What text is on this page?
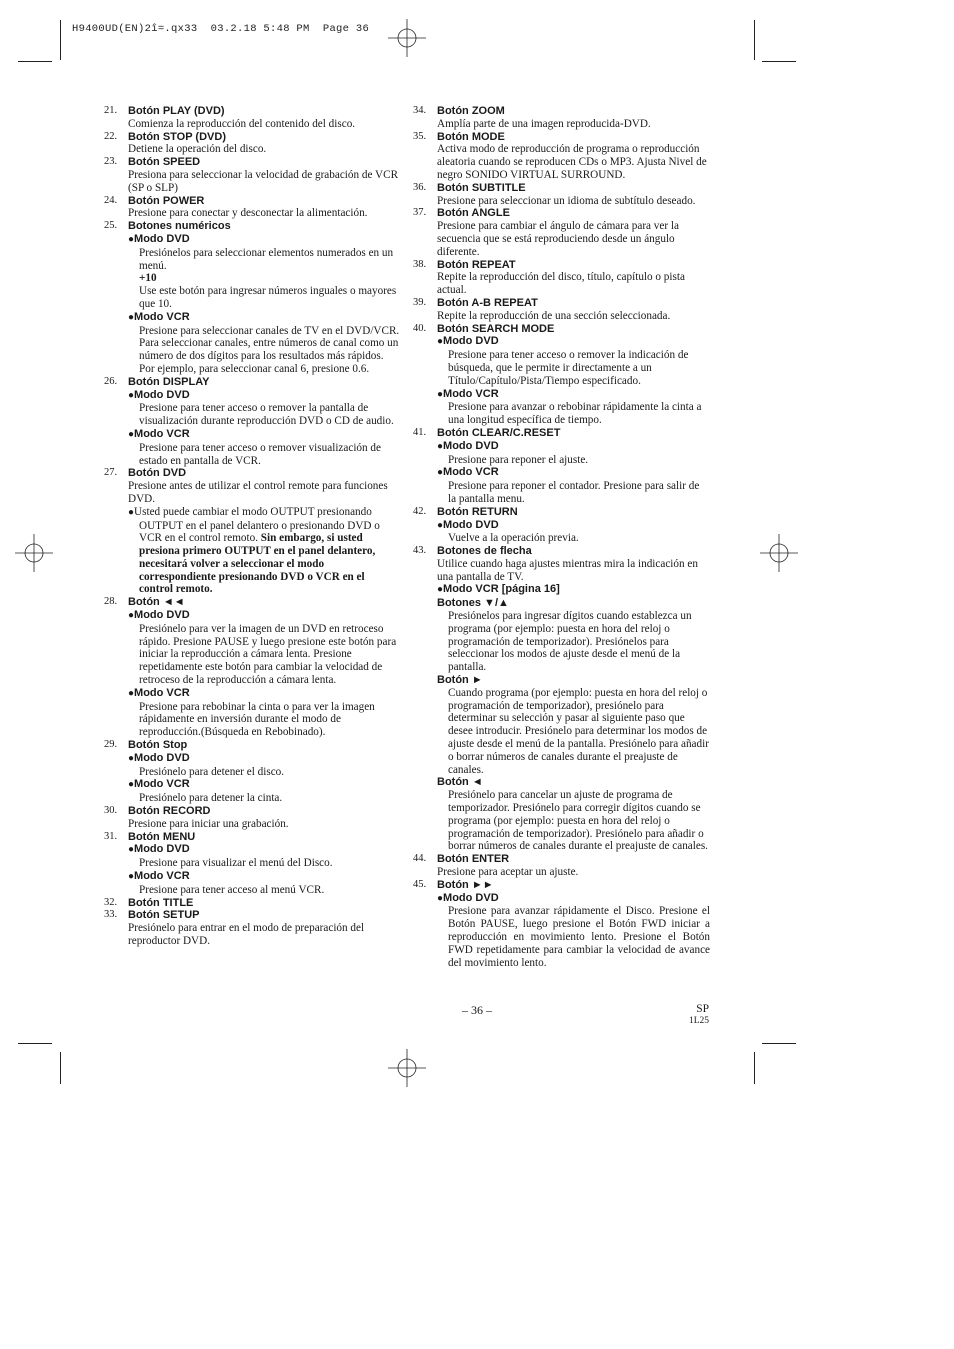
H9400UD(EN)2î=.qx33  03.2.18 5:48 PM  Page 36
21. Botón PLAY (DVD)
Comienza la reproducción del contenido del disco.
22. Botón STOP (DVD)
Detiene la operación del disco.
23. Botón SPEED
Presiona para seleccionar la velocidad de grabación de VCR (SP o SLP)
24. Botón POWER
Presione para conectar y desconectar la alimentación.
25. Botones numéricos
●Modo DVD
Presiónelos para seleccionar elementos numerados en un menú.
+10
Use este botón para ingresar números inguales o mayores que 10.
●Modo VCR
Presione para seleccionar canales de TV en el DVD/VCR. Para seleccionar canales, entre números de canal como un número de dos dígitos para los resultados más rápidos. Por ejemplo, para seleccionar canal 6, presione 0.6.
26. Botón DISPLAY
●Modo DVD
Presione para tener acceso o remover la pantalla de visualización durante reproducción DVD o CD de audio.
●Modo VCR
Presione para tener acceso o remover visualización de estado en pantalla de VCR.
27. Botón DVD
Presione antes de utilizar el control remote para funciones DVD.
●Usted puede cambiar el modo OUTPUT presionando OUTPUT en el panel delantero o presionando DVD o VCR en el control remoto. Sin embargo, si usted presiona primero OUTPUT en el panel delantero, necesitará volver a seleccionar el modo correspondiente presionando DVD o VCR en el control remoto.
28. Botón ◄◄
●Modo DVD
Presiónelo para ver la imagen de un DVD en retroceso rápido. Presione PAUSE y luego presione este botón para iniciar la reproducción a cámara lenta. Presione repetidamente este botón para cambiar la velocidad de retroceso de la reproducción a cámara lenta.
●Modo VCR
Presione para rebobinar la cinta o para ver la imagen rápidamente en inversión durante el modo de reproducción.(Búsqueda en Rebobinado).
29. Botón Stop
●Modo DVD
Presiónelo para detener el disco.
●Modo VCR
Presiónelo para detener la cinta.
30. Botón RECORD
Presione para iniciar una grabación.
31. Botón MENU
●Modo DVD
Presione para visualizar el menú del Disco.
●Modo VCR
Presione para tener acceso al menú VCR.
32. Botón TITLE
33. Botón SETUP
Presiónelo para entrar en el modo de preparación del reproductor DVD.
34. Botón ZOOM
Amplía parte de una imagen reproducida-DVD.
35. Botón MODE
Activa modo de reproducción de programa o reproducción aleatoria cuando se reproducen CDs o MP3. Ajusta Nivel de negro SONIDO VIRTUAL SURROUND.
36. Botón SUBTITLE
Presione para seleccionar un idioma de subtítulo deseado.
37. Botón ANGLE
Presione para cambiar el ángulo de cámara para ver la secuencia que se está reproduciendo desde un ángulo diferente.
38. Botón REPEAT
Repite la reproducción del disco, título, capítulo o pista actual.
39. Botón A-B REPEAT
Repite la reproducción de una sección seleccionada.
40. Botón SEARCH MODE
●Modo DVD
Presione para tener acceso o remover la indicación de búsqueda, que le permite ir directamente a un Título/Capítulo/Pista/Tiempo especificado.
●Modo VCR
Presione para avanzar o rebobinar rápidamente la cinta a una longitud específica de tiempo.
41. Botón CLEAR/C.RESET
●Modo DVD
Presione para reponer el ajuste.
●Modo VCR
Presione para reponer el contador. Presione para salir de la pantalla menu.
42. Botón RETURN
●Modo DVD
Vuelve a la operación previa.
43. Botones de flecha
Utilice cuando haga ajustes mientras mira la indicación en una pantalla de TV.
●Modo VCR [página 16]
Botones ▼/▲
Presiónelos para ingresar dígitos cuando establezca un programa (por ejemplo: puesta en hora del reloj o programación de temporizador). Presiónelos para seleccionar los modos de ajuste desde el menú de la pantalla.
Botón ►
Cuando programa (por ejemplo: puesta en hora del reloj o programación de temporizador), presiónelo para determinar su selección y pasar al siguiente paso que desee introducir. Presiónelo para determinar los modos de ajuste desde el menú de la pantalla. Presiónelo para añadir o borrar números de canales durante el preajuste de canales.
Botón ◄
Presiónelo para cancelar un ajuste de programa de temporizador. Presiónelo para corregir dígitos cuando se programa (por ejemplo: puesta en hora del reloj o programación de temporizador). Presiónelo para añadir o borrar números de canales durante el preajuste de canales.
44. Botón ENTER
Presione para aceptar un ajuste.
45. Botón ►►
●Modo DVD
Presione para avanzar rápidamente el Disco. Presione el Botón PAUSE, luego presione el Botón FWD iniciar a reproducción en movimiento lento. Presione el Botón FWD repetidamente para cambiar la velocidad de avance del movimiento lento.
– 36 –	SP
1L25
